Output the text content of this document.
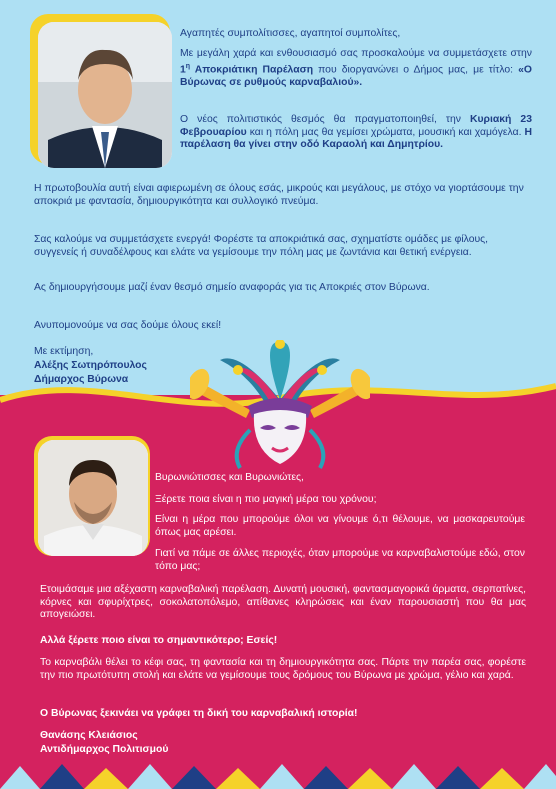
Αγαπητές συμπολίτισσες, αγαπητοί συμπολίτες,
Με μεγάλη χαρά και ενθουσιασμό σας προσκαλούμε να συμμετάσχετε στην $1^\eta$ Αποκριάτικη Παρέλαση που διοργανώνει ο Δήμος μας, με τίτλο: «Ο Βύρωνας σε ρυθμούς καρναβαλιού».
Ο νέος πολιτιστικός θεσμός θα πραγματοποιηθεί, την Κυριακή 23 Φεβρουαρίου και η πόλη μας θα γεμίσει χρώματα, μουσική και χαμόγελα. Η παρέλαση θα γίνει στην οδό Καραολή και Δημητρίου.
Η πρωτοβουλία αυτή είναι αφιερωμένη σε όλους εσάς, μικρούς και μεγάλους, με στόχο να γιορτάσουμε την αποκριά με φαντασία, δημιουργικότητα και συλλογικό πνεύμα.
Σας καλούμε να συμμετάσχετε ενεργά! Φορέστε τα αποκριάτικά σας, σχηματίστε ομάδες με φίλους, συγγενείς ή συναδέλφους και ελάτε να γεμίσουμε την πόλη μας με ζωντάνια και θετική ενέργεια.
Ας δημιουργήσουμε μαζί έναν θεσμό σημείο αναφοράς για τις Αποκριές στον Βύρωνα.
Ανυπομονούμε να σας δούμε όλους εκεί!
Με εκτίμηση,
Αλέξης Σωτηρόπουλος
Δήμαρχος Βύρωνα
Βυρωνιώτισσες και Βυρωνιώτες,
Ξέρετε ποια είναι η πιο μαγική μέρα του χρόνου;
Είναι η μέρα που μπορούμε όλοι να γίνουμε ό,τι θέλουμε, να μασκαρευτούμε όπως μας αρέσει.
Γιατί να πάμε σε άλλες περιοχές, όταν μπορούμε να καρναβαλιστούμε εδώ, στον τόπο μας;
Ετοιμάσαμε μια αξέχαστη καρναβαλική παρέλαση. Δυνατή μουσική, φαντασμαγορικά άρματα, σερπατίνες, κόρνες και σφυρίχτρες, σοκολατοπόλεμο, απίθανες κληρώσεις και έναν παρουσιαστή που θα μας απογειώσει.
Αλλά ξέρετε ποιο είναι το σημαντικότερο; Εσείς!
Το καρναβάλι θέλει το κέφι σας, τη φαντασία και τη δημιουργικότητα σας. Πάρτε την παρέα σας, φορέστε την πιο πρωτότυπη στολή και ελάτε να γεμίσουμε τους δρόμους του Βύρωνα με χρώμα, γέλιο και χαρά.
Ο Βύρωνας ξεκινάει να γράφει τη δική του καρναβαλική ιστορία!
Θανάσης Κλειάσιος
Αντιδήμαρχος Πολιτισμού
